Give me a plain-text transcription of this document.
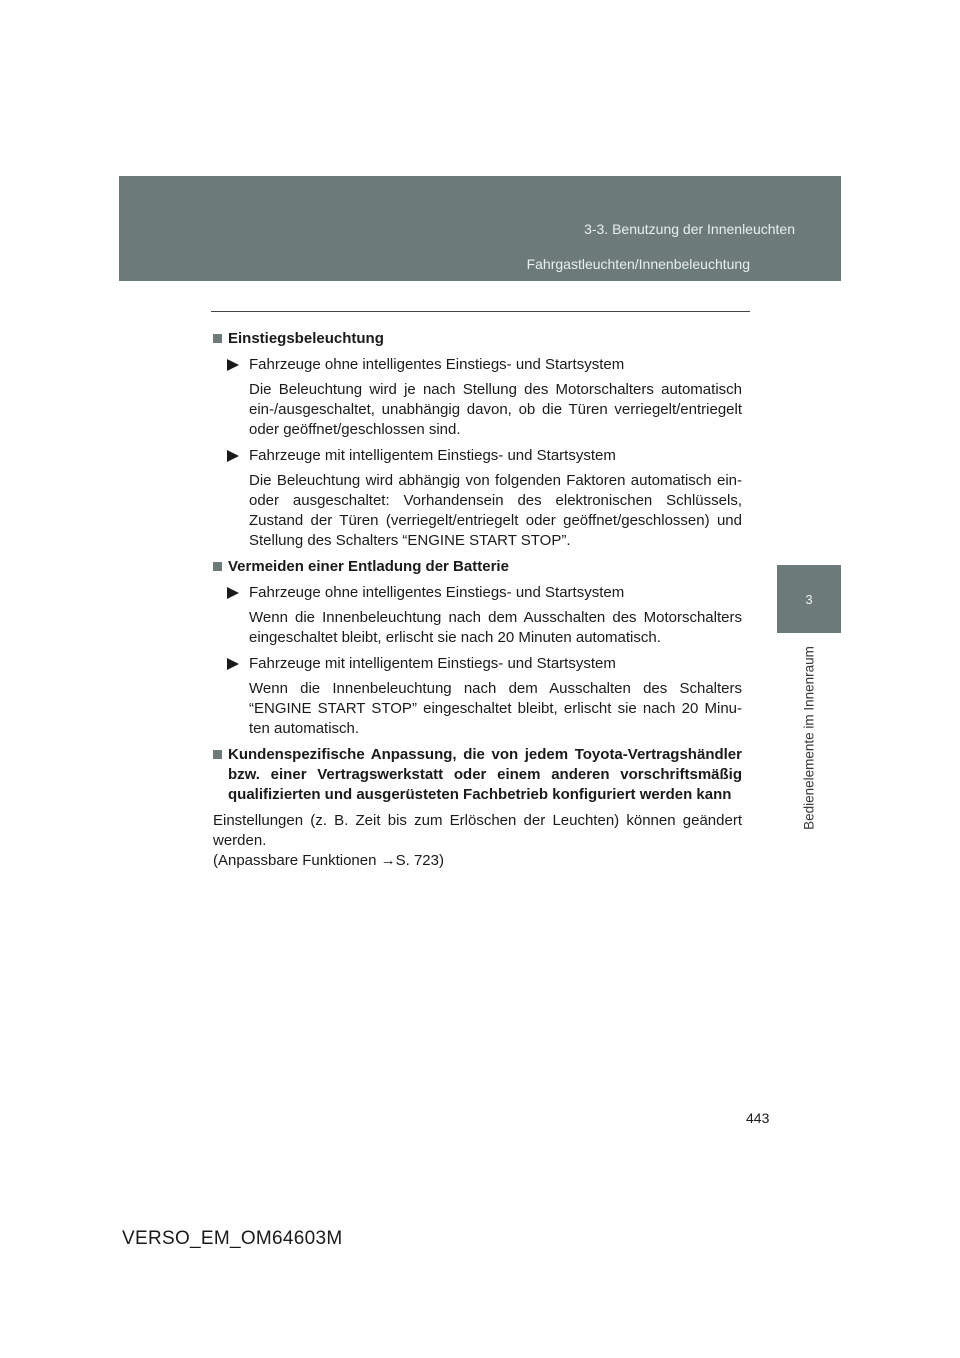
3-3. Benutzung der Innenleuchten
Fahrgastleuchten/Innenbeleuchtung
3
Bedienelemente im Innenraum
Einstiegsbeleuchtung
Fahrzeuge ohne intelligentes Einstiegs- und Startsystem
Die Beleuchtung wird je nach Stellung des Motorschalters automatisch ein-/ausgeschaltet, unabhängig davon, ob die Türen verriegelt/entriegelt oder geöffnet/geschlossen sind.
Fahrzeuge mit intelligentem Einstiegs- und Startsystem
Die Beleuchtung wird abhängig von folgenden Faktoren automatisch ein- oder ausgeschaltet: Vorhandensein des elektronischen Schlüssels, Zustand der Türen (verriegelt/entriegelt oder geöffnet/geschlossen) und Stellung des Schalters “ENGINE START STOP”.
Vermeiden einer Entladung der Batterie
Fahrzeuge ohne intelligentes Einstiegs- und Startsystem
Wenn die Innenbeleuchtung nach dem Ausschalten des Motorschalters eingeschaltet bleibt, erlischt sie nach 20 Minuten automatisch.
Fahrzeuge mit intelligentem Einstiegs- und Startsystem
Wenn die Innenbeleuchtung nach dem Ausschalten des Schalters “ENGINE START STOP” eingeschaltet bleibt, erlischt sie nach 20 Minu-ten automatisch.
Kundenspezifische Anpassung, die von jedem Toyota-Vertragshändler bzw. einer Vertragswerkstatt oder einem anderen vorschriftsmäßig qualifizierten und ausgerüsteten Fachbetrieb konfiguriert werden kann
Einstellungen (z. B. Zeit bis zum Erlöschen der Leuchten) können geändert werden.
(Anpassbare Funktionen →S. 723)
443
VERSO_EM_OM64603M
